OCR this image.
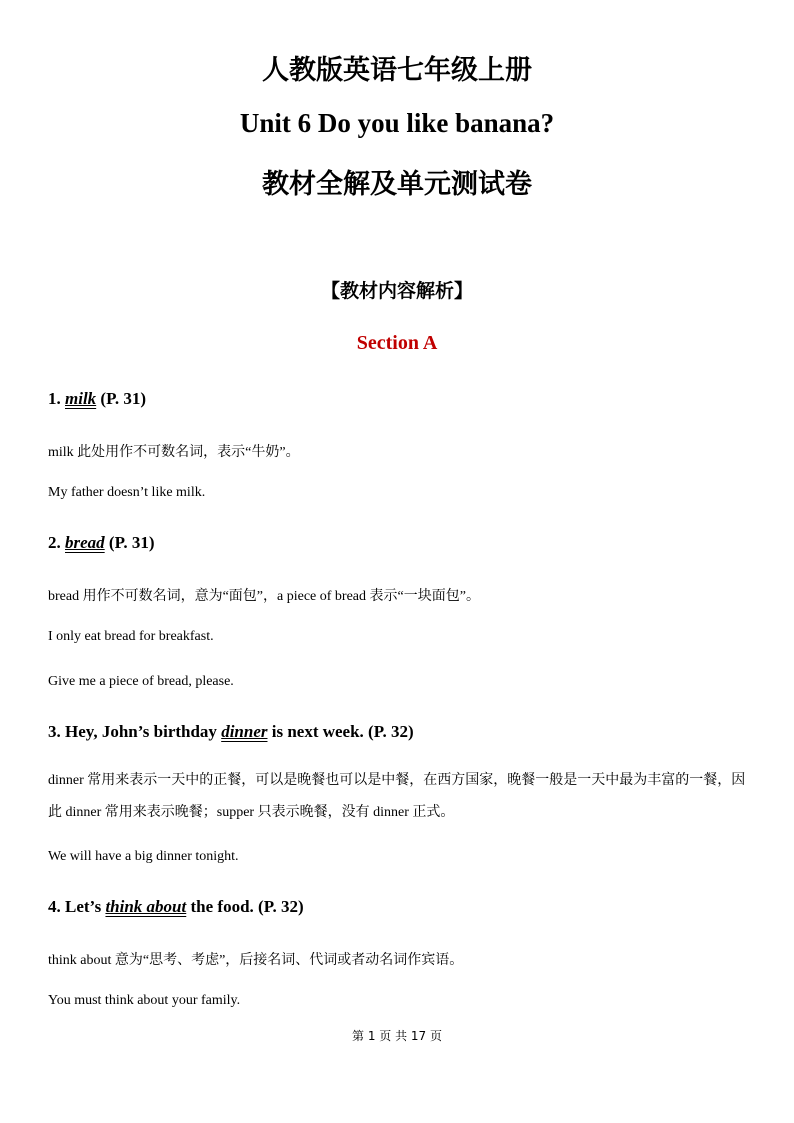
人教版英语七年级上册
Unit 6 Do you like banana?
教材全解及单元测试卷
【教材内容解析】
Section A
1. milk (P. 31)
milk 此处用作不可数名词，表示“牛奶”。
My father doesn’t like milk.
2. bread (P. 31)
bread 用作不可数名词，意为“面包”，a piece of bread 表示“一块面包”。
I only eat bread for breakfast.
Give me a piece of bread, please.
3. Hey, John’s birthday dinner is next week. (P. 32)
dinner 常用来表示一天中的正餐，可以是晚餐也可以是中餐，在西方国家，晚餐一般是一天中最为丰富的一餐，因此 dinner 常用来表示晚餐；supper 只表示晚餐，没有 dinner 正式。
We will have a big dinner tonight.
4. Let’s think about the food. (P. 32)
think about 意为“思考、考虑”，后接名词、代词或者动名词作宾语。
You must think about your family.
第 1 页 共 17 页
